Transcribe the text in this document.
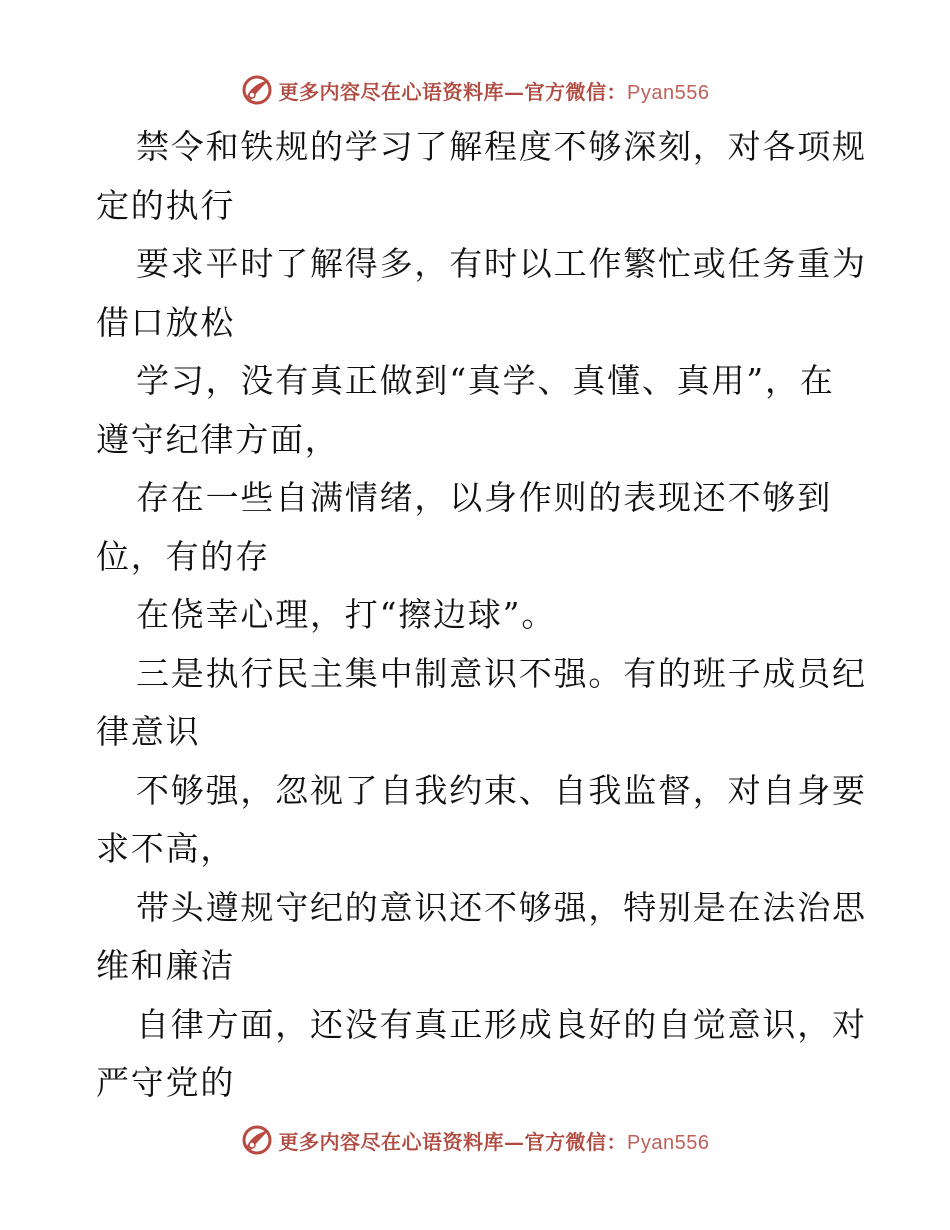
更多内容尽在心语资料库—官方微信：Pyan556
禁令和铁规的学习了解程度不够深刻，对各项规
定的执行
要求平时了解得多，有时以工作繁忙或任务重为
借口放松
学习，没有真正做到“真学、真懂、真用”，在
遵守纪律方面，
存在一些自满情绪，以身作则的表现还不够到
位，有的存
在侥幸心理，打“擦边球”。
三是执行民主集中制意识不强。有的班子成员纪
律意识
不够强，忽视了自我约束、自我监督，对自身要
求不高，
带头遵规守纪的意识还不够强，特别是在法治思
维和廉洁
自律方面，还没有真正形成良好的自觉意识，对
严守党的
更多内容尽在心语资料库—官方微信：Pyan556
